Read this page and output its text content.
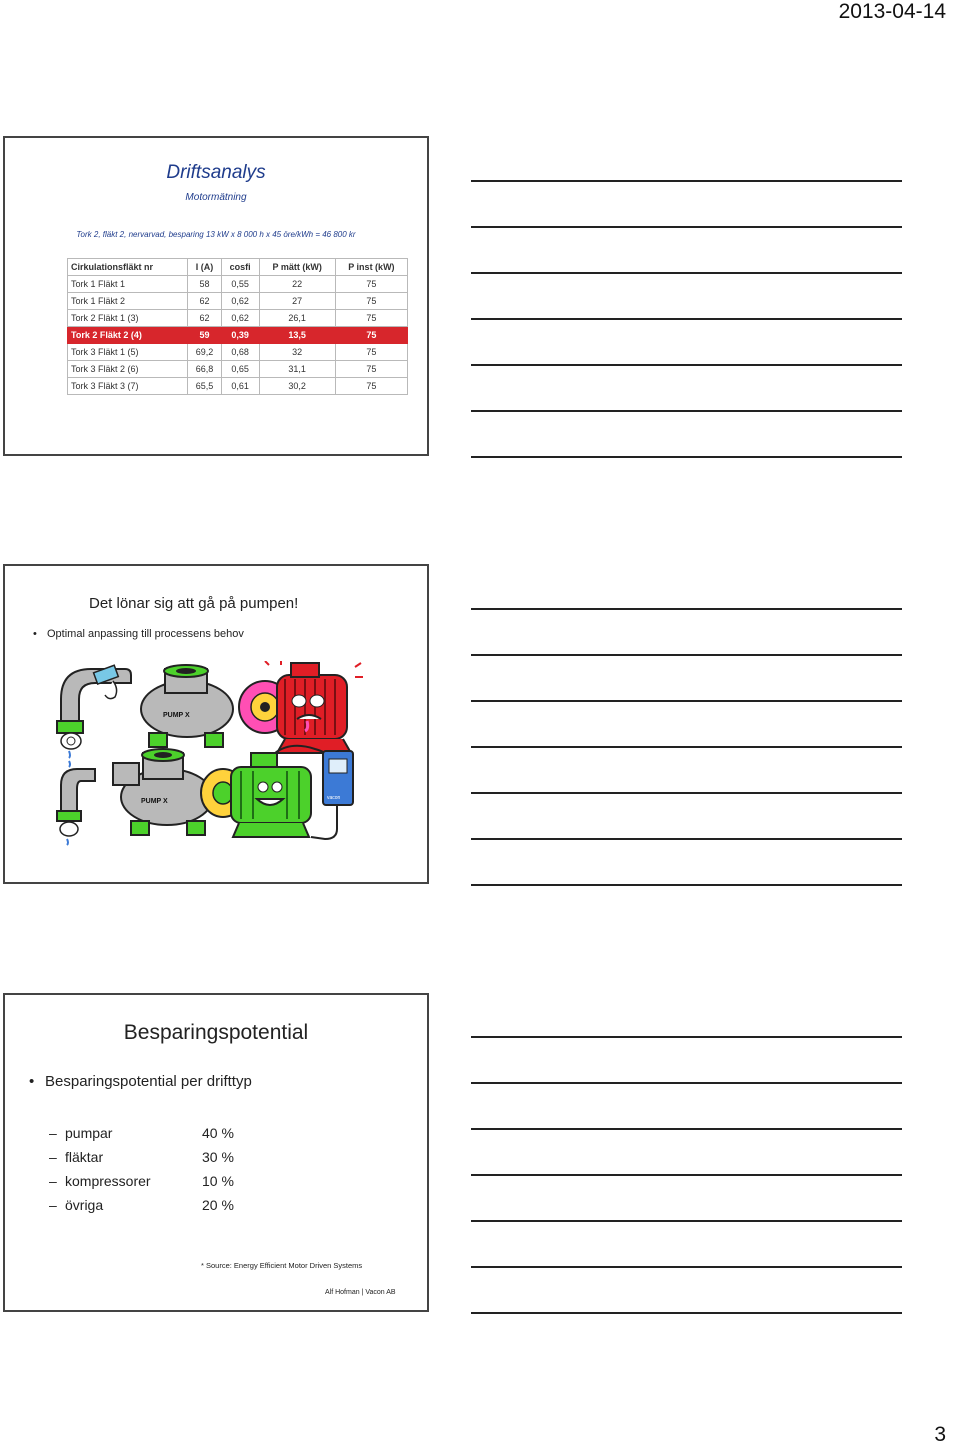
2013-04-14
Driftsanalys
Motormätning
Tork 2, fläkt 2, nervarvad, besparing 13 kW x 8 000 h x 45 öre/kWh = 46 800 kr
Cirkulationsfläkt nr	I (A)	cosfi	P mätt (kW)	P inst (kW)
Tork 1 Fläkt 1	58	0,55	22	75
Tork 1 Fläkt 2	62	0,62	27	75
Tork 2 Fläkt 1 (3)	62	0,62	26,1	75
Tork 2 Fläkt 2 (4)	59	0,39	13,5	75
Tork 3 Fläkt 1 (5)	69,2	0,68	32	75
Tork 3 Fläkt 2 (6)	66,8	0,65	31,1	75
Tork 3 Fläkt 3 (7)	65,5	0,61	30,2	75
Det lönar sig att gå på pumpen!
• Optimal anpassing till processens behov
PUMP X
PUMP X	vacon
Besparingspotential
• Besparingspotential per drifttyp
– pumpar	40 %
– fläktar	30 %
– kompressorer	10 %
– övriga	20 %
* Source: Energy Efficient Motor Driven Systems
Alf Hofman | Vacon AB
3
